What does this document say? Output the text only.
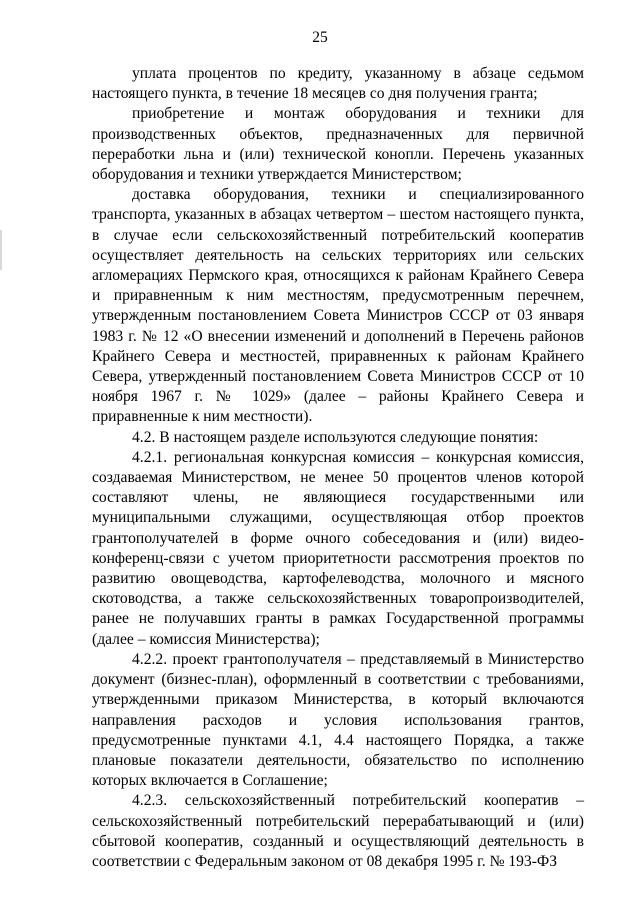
25

уплата процентов по кредиту, указанному в абзаце седьмом настоящего пункта, в течение 18 месяцев со дня получения гранта;

приобретение и монтаж оборудования и техники для производственных объектов, предназначенных для первичной переработки льна и (или) технической конопли. Перечень указанных оборудования и техники утверждается Министерством;

доставка оборудования, техники и специализированного транспорта, указанных в абзацах четвертом – шестом настоящего пункта, в случае если сельскохозяйственный потребительский кооператив осуществляет деятельность на сельских территориях или сельских агломерациях Пермского края, относящихся к районам Крайнего Севера и приравненным к ним местностям, предусмотренным перечнем, утвержденным постановлением Совета Министров СССР от 03 января 1983 г. № 12 «О внесении изменений и дополнений в Перечень районов Крайнего Севера и местностей, приравненных к районам Крайнего Севера, утвержденный постановлением Совета Министров СССР от 10 ноября 1967 г. № 1029» (далее – районы Крайнего Севера и приравненные к ним местности).

4.2. В настоящем разделе используются следующие понятия:

4.2.1. региональная конкурсная комиссия – конкурсная комиссия, создаваемая Министерством, не менее 50 процентов членов которой составляют члены, не являющиеся государственными или муниципальными служащими, осуществляющая отбор проектов грантополучателей в форме очного собеседования и (или) видео-конференц-связи с учетом приоритетности рассмотрения проектов по развитию овощеводства, картофелеводства, молочного и мясного скотоводства, а также сельскохозяйственных товаропроизводителей, ранее не получавших гранты в рамках Государственной программы (далее – комиссия Министерства);

4.2.2. проект грантополучателя – представляемый в Министерство документ (бизнес-план), оформленный в соответствии с требованиями, утвержденными приказом Министерства, в который включаются направления расходов и условия использования грантов, предусмотренные пунктами 4.1, 4.4 настоящего Порядка, а также плановые показатели деятельности, обязательство по исполнению которых включается в Соглашение;

4.2.3. сельскохозяйственный потребительский кооператив – сельскохозяйственный потребительский перерабатывающий и (или) сбытовой кооператив, созданный и осуществляющий деятельность в соответствии с Федеральным законом от 08 декабря 1995 г. № 193-ФЗ
